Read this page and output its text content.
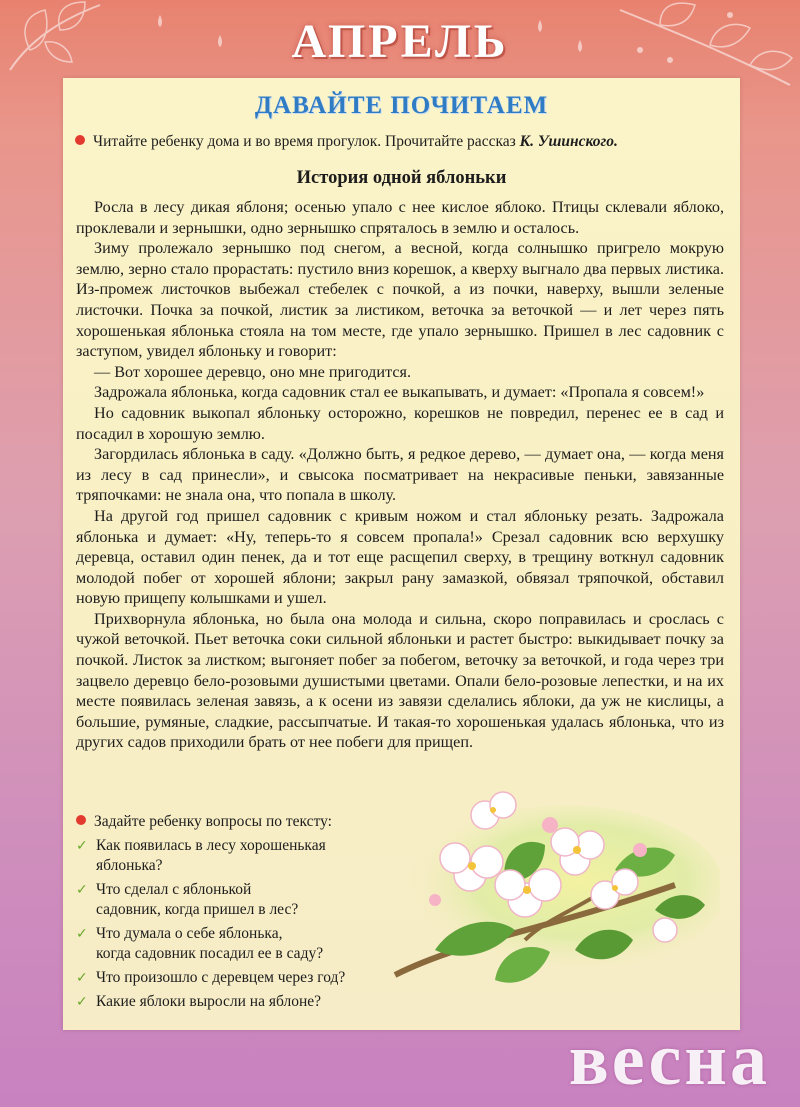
АПРЕЛЬ
ДАВАЙТЕ ПОЧИТАЕМ
Читайте ребенку дома и во время прогулок. Прочитайте рассказ К. Ушинского.
История одной яблоньки

Росла в лесу дикая яблоня; осенью упало с нее кислое яблоко. Птицы склевали яблоко, проклевали и зернышки, одно зернышко спряталось в землю и осталось.

Зиму пролежало зернышко под снегом, а весной, когда солнышко пригрело мокрую землю, зерно стало прорастать: пустило вниз корешок, а кверху выгнало два первых листика. Из-промеж листочков выбежал стебелек с почкой, а из почки, наверху, вышли зеленые листочки. Почка за почкой, листик за листиком, веточка за веточкой — и лет через пять хорошенькая яблонька стояла на том месте, где упало зернышко. Пришел в лес садовник с заступом, увидел яблоньку и говорит:

— Вот хорошее деревцо, оно мне пригодится.

Задрожала яблонька, когда садовник стал ее выкапывать, и думает: «Пропала я совсем!»

Но садовник выкопал яблоньку осторожно, корешков не повредил, перенес ее в сад и посадил в хорошую землю.

Загордилась яблонька в саду. «Должно быть, я редкое дерево, — думает она, — когда меня из лесу в сад принесли», и свысока посматривает на некрасивые пеньки, завязанные тряпочками: не знала она, что попала в школу.

На другой год пришел садовник с кривым ножом и стал яблоньку резать. Задрожала яблонька и думает: «Ну, теперь-то я совсем пропала!» Срезал садовник всю верхушку деревца, оставил один пенек, да и тот еще расщепил сверху, в трещину воткнул садовник молодой побег от хорошей яблони; закрыл рану замазкой, обвязал тряпочкой, обставил новую прищепу колышками и ушел.

Прихворнула яблонька, но была она молода и сильна, скоро поправилась и срослась с чужой веточкой. Пьет веточка соки сильной яблоньки и растет быстро: выкидывает почку за почкой. Листок за листком; выгоняет побег за побегом, веточку за веточкой, и года через три зацвело деревцо бело-розовыми душистыми цветами. Опали бело-розовые лепестки, и на их месте появилась зеленая завязь, а к осени из завязи сделались яблоки, да уж не кислицы, а большие, румяные, сладкие, рассыпчатые. И такая-то хорошенькая удалась яблонька, что из других садов приходили брать от нее побеги для прищеп.

Задайте ребенку вопросы по тексту:
✓ Как появилась в лесу хорошенькая
яблонька?
✓ Что сделал с яблонькой
садовник, когда пришел в лес?
✓ Что думала о себе яблонька,
когда садовник посадил ее в саду?
✓ Что произошло с деревцем через год?
✓ Какие яблоки выросли на яблоне?
весна
